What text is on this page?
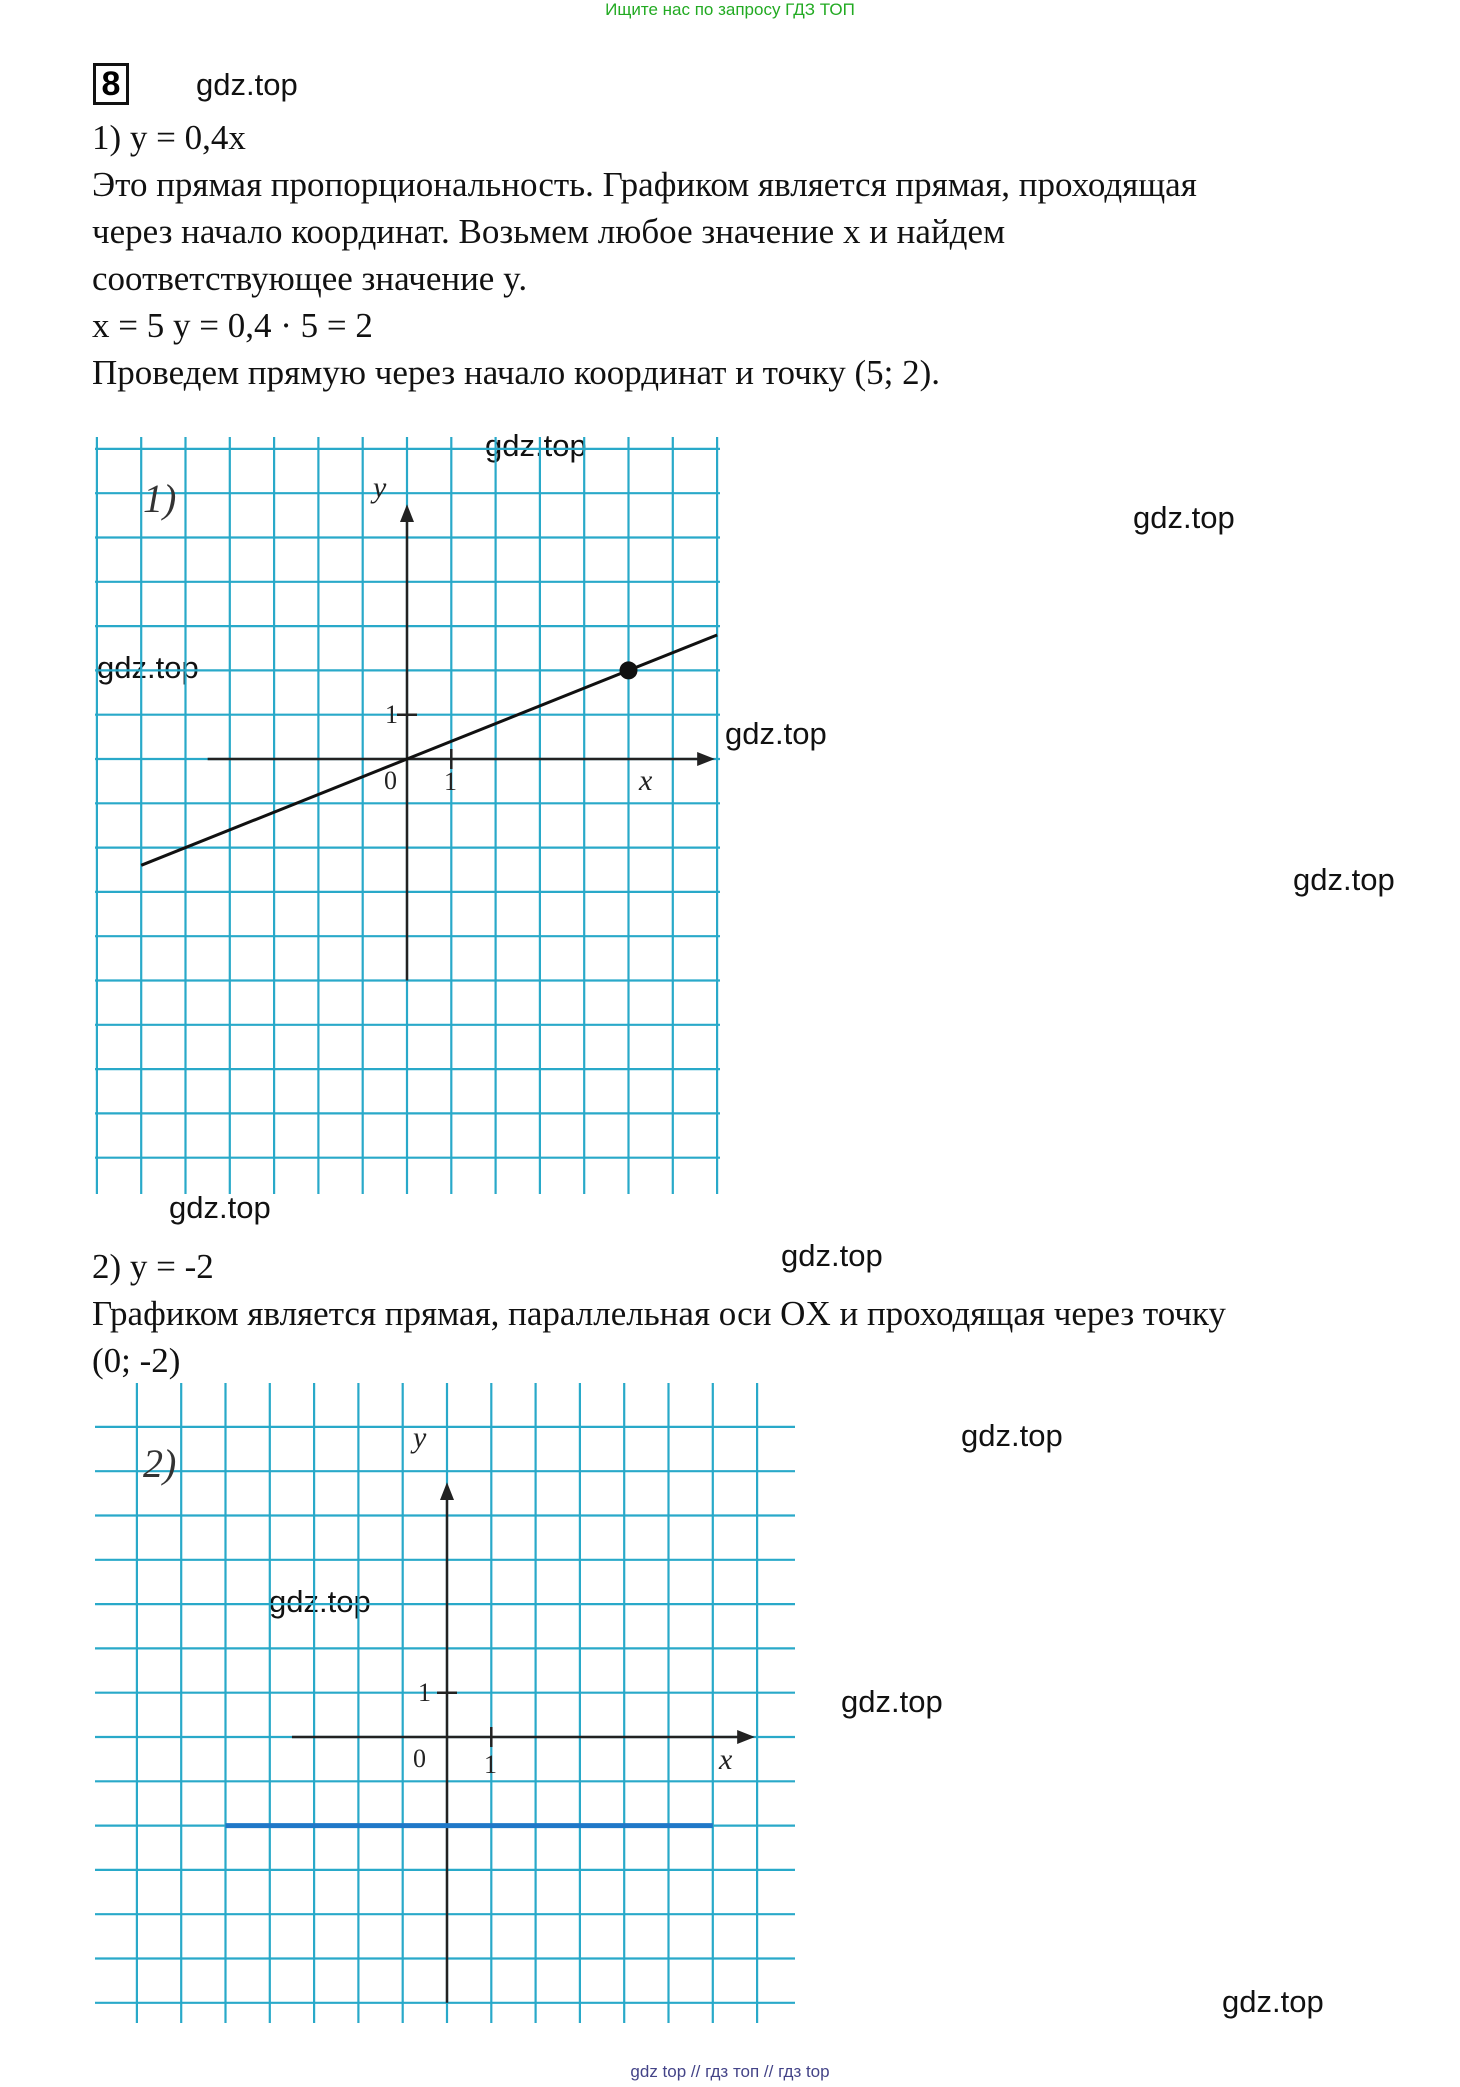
Ищите нас по запросу ГДЗ ТОП
8 gdz.top
gdz.top
gdz.top
gdz.top
gdz.top
gdz.top
gdz.top
gdz.top
gdz.top
gdz.top
gdz.top
gdz.top
1) y = 0,4x
Это прямая пропорциональность. Графиком является прямая, проходящая
через начало координат. Возьмем любое значение x и найдем
соответствующее значение y.
x = 5 y = 0,4 · 5 = 2
Проведем прямую через начало координат и точку (5; 2).
1)	y
x
0 1
1
2) y = -2
Графиком является прямая, параллельная оси OX и проходящая через точку
(0; -2)
2)
y
x
0 1
1
gdz top // гдз топ // гдз top
